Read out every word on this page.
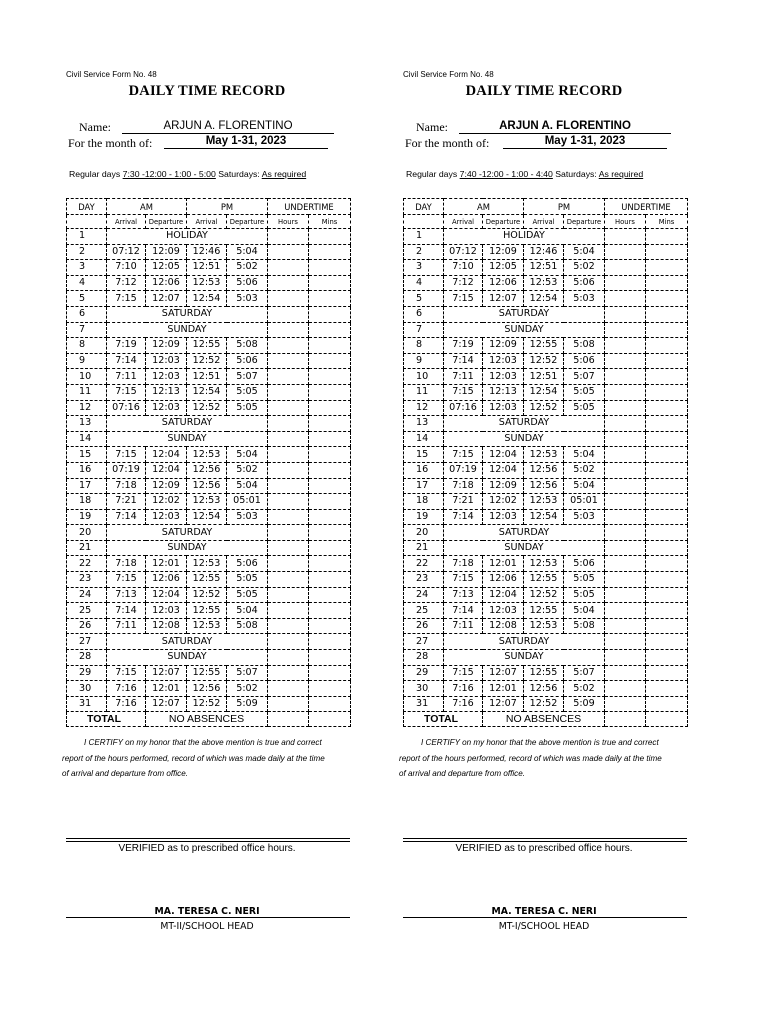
Civil Service Form No. 48
DAILY TIME RECORD
Name:	ARJUN A. FLORENTINO
For the month of:	May 1-31, 2023
Regular days 7:30 -12:00 - 1:00 - 5:00 Saturdays: As required
DAY	AM		PM		UNDERTIME	
	Arrival	Departure	Arrival	Departure	Hours	Mins
1	HOLIDAY					
2	07:12	12:09	12:46	5:04		
3	7:10	12:05	12:51	5:02		
4	7:12	12:06	12:53	5:06		
5	7:15	12:07	12:54	5:03		
6	SATURDAY					
7	SUNDAY					
8	7:19	12:09	12:55	5:08		
9	7:14	12:03	12:52	5:06		
10	7:11	12:03	12:51	5:07		
11	7:15	12:13	12:54	5:05		
12	07:16	12:03	12:52	5:05		
13	SATURDAY					
14	SUNDAY					
15	7:15	12:04	12:53	5:04		
16	07:19	12:04	12:56	5:02		
17	7:18	12:09	12:56	5:04		
18	7:21	12:02	12:53	05:01		
19	7:14	12:03	12:54	5:03		
20	SATURDAY					
21	SUNDAY					
22	7:18	12:01	12:53	5:06		
23	7:15	12:06	12:55	5:05		
24	7:13	12:04	12:52	5:05		
25	7:14	12:03	12:55	5:04		
26	7:11	12:08	12:53	5:08		
27	SATURDAY					
28	SUNDAY					
29	7:15	12:07	12:55	5:07		
30	7:16	12:01	12:56	5:02		
31	7:16	12:07	12:52	5:09		
TOTAL		NO ABSENCES				
I CERTIFY on my honor that the above mention is true and correct
report of the hours performed, record of which was made daily at the time
of arrival and departure from office.
VERIFIED as to prescribed office hours.
MA. TERESA C. NERI
MT-II/SCHOOL HEAD
Civil Service Form No. 48
DAILY TIME RECORD
Name:	ARJUN A. FLORENTINO
For the month of:	May 1-31, 2023
Regular days 7:40 -12:00 - 1:00 - 4:40 Saturdays: As required
DAY	AM		PM		UNDERTIME	
	Arrival	Departure	Arrival	Departure	Hours	Mins
1	HOLIDAY					
2	07:12	12:09	12:46	5:04		
3	7:10	12:05	12:51	5:02		
4	7:12	12:06	12:53	5:06		
5	7:15	12:07	12:54	5:03		
6	SATURDAY					
7	SUNDAY					
8	7:19	12:09	12:55	5:08		
9	7:14	12:03	12:52	5:06		
10	7:11	12:03	12:51	5:07		
11	7:15	12:13	12:54	5:05		
12	07:16	12:03	12:52	5:05		
13	SATURDAY					
14	SUNDAY					
15	7:15	12:04	12:53	5:04		
16	07:19	12:04	12:56	5:02		
17	7:18	12:09	12:56	5:04		
18	7:21	12:02	12:53	05:01		
19	7:14	12:03	12:54	5:03		
20	SATURDAY					
21	SUNDAY					
22	7:18	12:01	12:53	5:06		
23	7:15	12:06	12:55	5:05		
24	7:13	12:04	12:52	5:05		
25	7:14	12:03	12:55	5:04		
26	7:11	12:08	12:53	5:08		
27	SATURDAY					
28	SUNDAY					
29	7:15	12:07	12:55	5:07		
30	7:16	12:01	12:56	5:02		
31	7:16	12:07	12:52	5:09		
TOTAL		NO ABSENCES				
I CERTIFY on my honor that the above mention is true and correct
report of the hours performed, record of which was made daily at the time
of arrival and departure from office.
VERIFIED as to prescribed office hours.
MA. TERESA C. NERI
MT-I/SCHOOL HEAD
